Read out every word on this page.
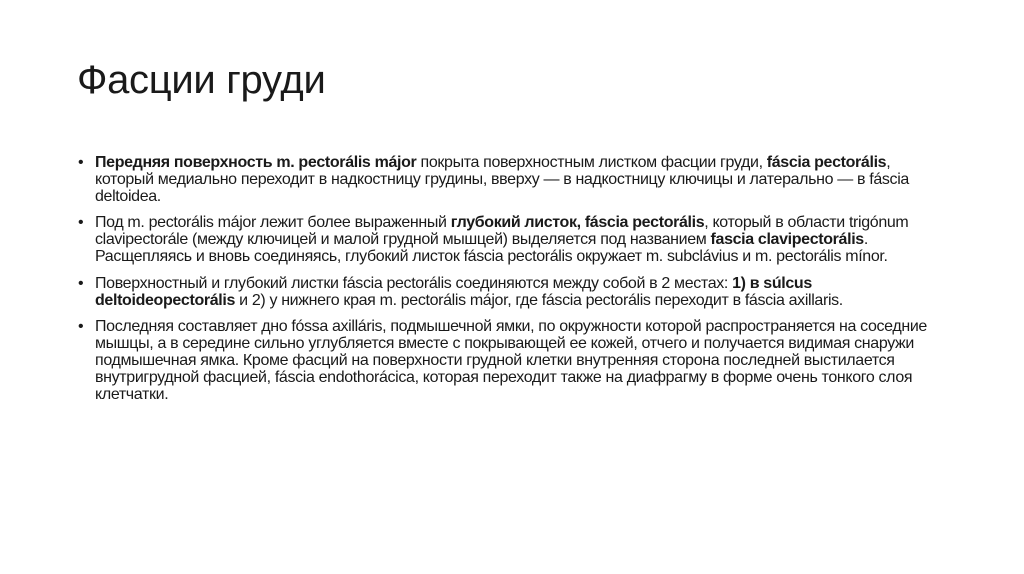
Фасции груди
• Передняя поверхность m. pectorális májor покрыта поверхностным листком фасции груди, fáscia pectorális, который медиально переходит в надкостницу грудины, вверху — в надкостницу ключицы и латерально — в fáscia deltoidea.
• Под m. pectorális májor лежит более выраженный глубокий листок, fáscia pectorális, который в области trigónum clavipectorále (между ключицей и малой грудной мышцей) выделяется под названием fascia clavipectorális. Расщепляясь и вновь соединяясь, глубокий листок fáscia pectorális окружает m. subclávius и m. pectorális mínor.
• Поверхностный и глубокий листки fáscia pectorális соединяются между собой в 2 местах: 1) в súlcus deltoideopectorális и 2) у нижнего края m. pectorális májor, где fáscia pectorális переходит в fáscia axillaris.
• Последняя составляет дно fóssa axilláris, подмышечной ямки, по окружности которой распространяется на соседние мышцы, а в середине сильно углубляется вместе с покрывающей ее кожей, отчего и получается видимая снаружи подмышечная ямка. Кроме фасций на поверхности грудной клетки внутренняя сторона последней выстилается внутригрудной фасцией, fáscia endothorácica, которая переходит также на диафрагму в форме очень тонкого слоя клетчатки.
